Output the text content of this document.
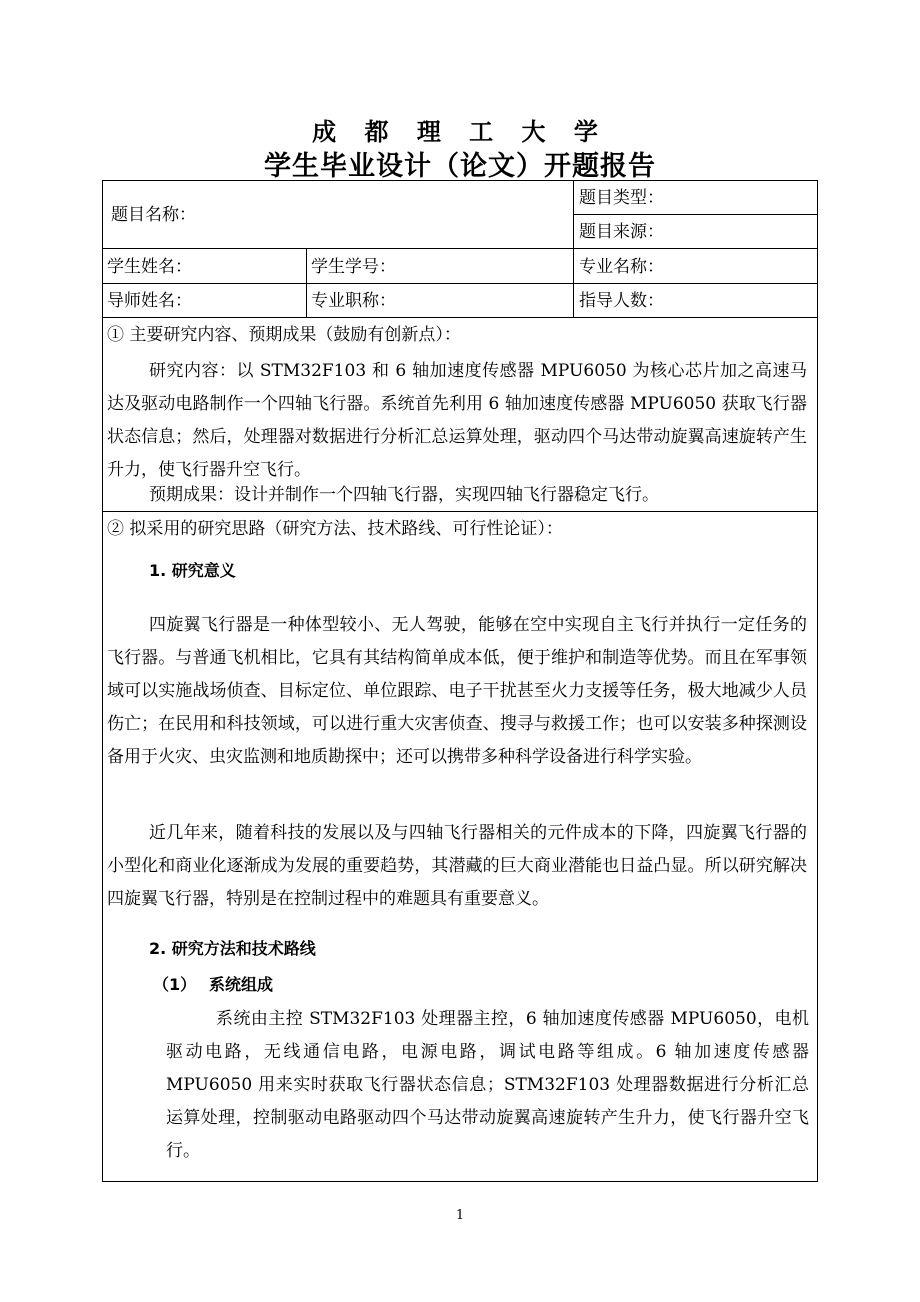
成 都 理 工 大 学
学生毕业设计（论文）开题报告
题目名称：
题目类型：
题目来源：
学生姓名：	学生学号：	专业名称：
导师姓名：	专业职称：	指导人数：
① 主要研究内容、预期成果（鼓励有创新点）：
研究内容：以 STM32F103 和 6 轴加速度传感器 MPU6050 为核心芯片加之高速马达及驱动电路制作一个四轴飞行器。系统首先利用 6 轴加速度传感器 MPU6050 获取飞行器状态信息；然后，处理器对数据进行分析汇总运算处理，驱动四个马达带动旋翼高速旋转产生升力，使飞行器升空飞行。
预期成果：设计并制作一个四轴飞行器，实现四轴飞行器稳定飞行。
② 拟采用的研究思路（研究方法、技术路线、可行性论证）：
1. 研究意义
四旋翼飞行器是一种体型较小、无人驾驶，能够在空中实现自主飞行并执行一定任务的飞行器。与普通飞机相比，它具有其结构简单成本低，便于维护和制造等优势。而且在军事领域可以实施战场侦查、目标定位、单位跟踪、电子干扰甚至火力支援等任务，极大地减少人员伤亡；在民用和科技领域，可以进行重大灾害侦查、搜寻与救援工作；也可以安装多种探测设备用于火灾、虫灾监测和地质勘探中；还可以携带多种科学设备进行科学实验。
近几年来，随着科技的发展以及与四轴飞行器相关的元件成本的下降，四旋翼飞行器的小型化和商业化逐渐成为发展的重要趋势，其潜藏的巨大商业潜能也日益凸显。所以研究解决四旋翼飞行器，特别是在控制过程中的难题具有重要意义。
2. 研究方法和技术路线
（1） 系统组成
系统由主控 STM32F103 处理器主控，6 轴加速度传感器 MPU6050，电机驱动电路，无线通信电路，电源电路，调试电路等组成。6 轴加速度传感器 MPU6050 用来实时获取飞行器状态信息；STM32F103 处理器数据进行分析汇总运算处理，控制驱动电路驱动四个马达带动旋翼高速旋转产生升力，使飞行器升空飞行。
1
